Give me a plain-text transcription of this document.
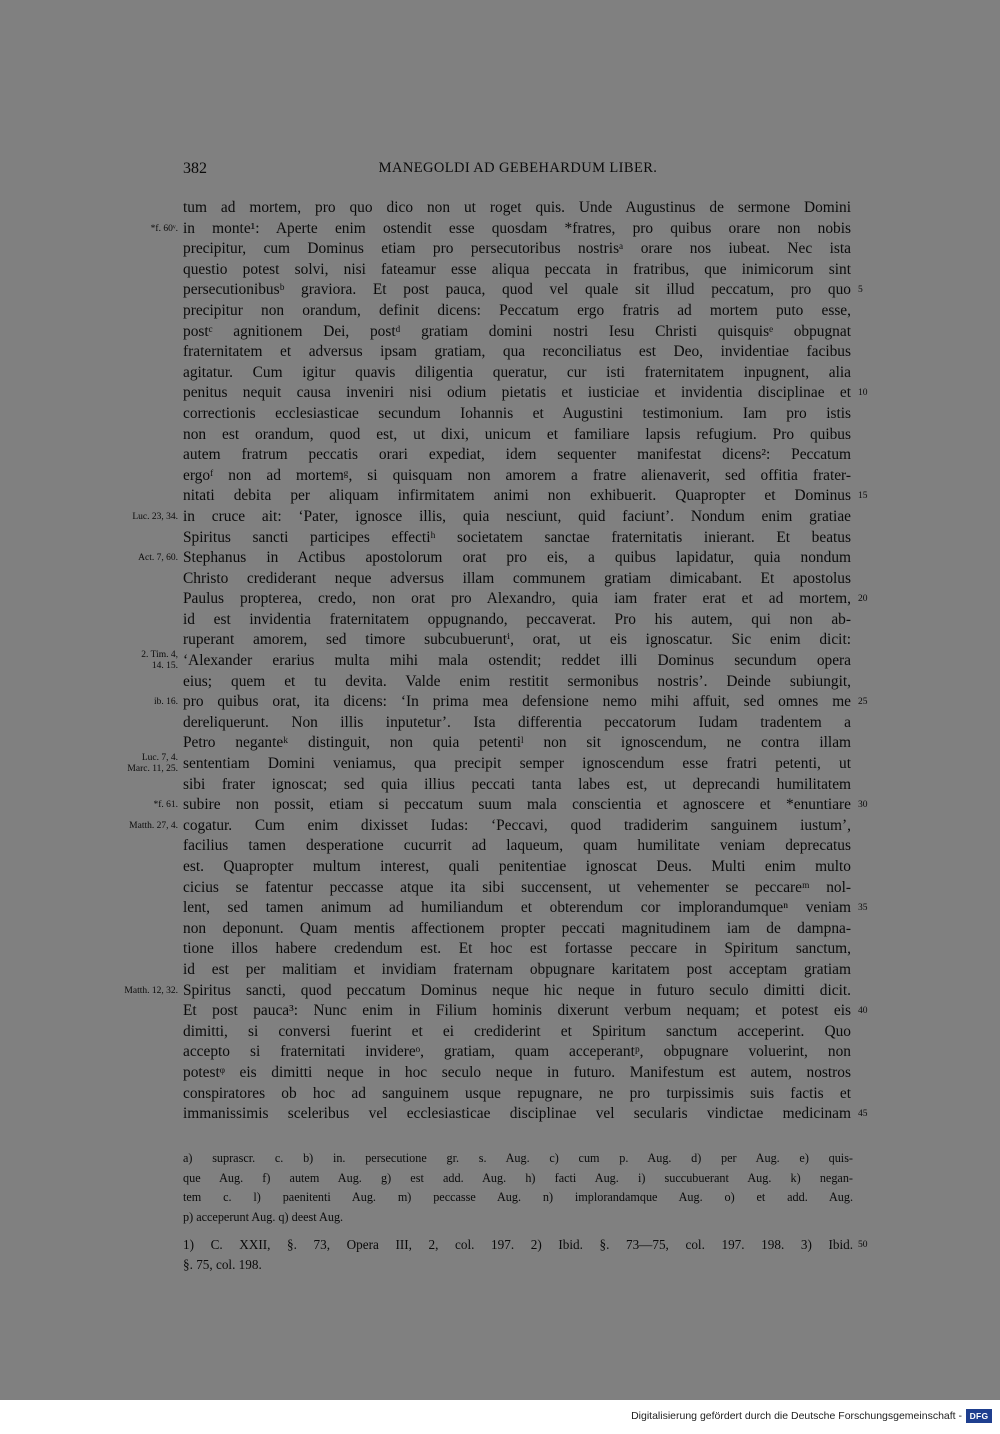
382	MANEGOLDI AD GEBEHARDUM LIBER.
tum ad mortem, pro quo dico non ut roget quis. Unde Augustinus de sermone Domini
*f. 60ᵛ. in monte¹: Aperte enim ostendit esse quosdam *fratres, pro quibus orare non nobis
precipitur, cum Dominus etiam pro persecutoribus nostrisᵃ orare nos iubeat. Nec ista
questio potest solvi, nisi fateamur esse aliqua peccata in fratribus, que inimicorum sint
persecutionibusᵇ graviora. Et post pauca, quod vel quale sit illud peccatum, pro quo 5
precipitur non orandum, definit dicens: Peccatum ergo fratris ad mortem puto esse,
postᶜ agnitionem Dei, postᵈ gratiam domini nostri Iesu Christi quisquisᵉ obpugnat
fraternitatem et adversus ipsam gratiam, qua reconciliatus est Deo, invidentiae facibus
agitatur. Cum igitur quavis diligentia queratur, cur isti fraternitatem inpugnent, alia
penitus nequit causa inveniri nisi odium pietatis et iusticiae et invidentia disciplinae et 10
correctionis ecclesiasticae secundum Iohannis et Augustini testimonium. Iam pro istis
non est orandum, quod est, ut dixi, unicum et familiare lapsis refugium. Pro quibus
autem fratrum peccatis orari expediat, idem sequenter manifestat dicens²: Peccatum
ergoᶠ non ad mortemᵍ, si quisquam non amorem a fratre alienaverit, sed offitia frater-
nitati debita per aliquam infirmitatem animi non exhibuerit. Quapropter et Dominus 15
Luc. 23, 34. in cruce ait: ‘Pater, ignosce illis, quia nesciunt, quid faciunt’. Nondum enim gratiae
Spiritus sancti participes effectiʰ societatem sanctae fraternitatis inierant. Et beatus
Act. 7, 60. Stephanus in Actibus apostolorum orat pro eis, a quibus lapidatur, quia nondum
Christo crediderant neque adversus illam communem gratiam dimicabant. Et apostolus
Paulus propterea, credo, non orat pro Alexandro, quia iam frater erat et ad mortem, 20
id est invidentia fraternitatem oppugnando, peccaverat. Pro his autem, qui non ab-
ruperant amorem, sed timore subcubueruntⁱ, orat, ut eis ignoscatur. Sic enim dicit:
2. Tim. 4,
14. 15. ‘Alexander erarius multa mihi mala ostendit; reddet illi Dominus secundum opera
eius; quem et tu devita. Valde enim restitit sermonibus nostris’. Deinde subiungit,
ib. 16. pro quibus orat, ita dicens: ‘In prima mea defensione nemo mihi affuit, sed omnes me 25
dereliquerunt. Non illis inputetur’. Ista differentia peccatorum Iudam tradentem a
Petro neganteᵏ distinguit, non quia petentiˡ non sit ignoscendum, ne contra illam
Luc. 7, 4.
Marc. 11, 25. sententiam Domini veniamus, qua precipit semper ignoscendum esse fratri petenti, ut
sibi frater ignoscat; sed quia illius peccati tanta labes est, ut deprecandi humilitatem
*f. 61. subire non possit, etiam si peccatum suum mala conscientia et agnoscere et *enuntiare 30
Matth. 27, 4. cogatur. Cum enim dixisset Iudas: ‘Peccavi, quod tradiderim sanguinem iustum’,
facilius tamen desperatione cucurrit ad laqueum, quam humilitate veniam deprecatus
est. Quapropter multum interest, quali penitentiae ignoscat Deus. Multi enim multo
cicius se fatentur peccasse atque ita sibi succensent, ut vehementer se peccareᵐ nol-
lent, sed tamen animum ad humiliandum et obterendum cor implorandumqueⁿ veniam 35
non deponunt. Quam mentis affectionem propter peccati magnitudinem iam de dampna-
tione illos habere credendum est. Et hoc est fortasse peccare in Spiritum sanctum,
id est per malitiam et invidiam fraternam obpugnare karitatem post acceptam gratiam
Matth. 12, 32. Spiritus sancti, quod peccatum Dominus neque hic neque in futuro seculo dimitti dicit.
Et post pauca³: Nunc enim in Filium hominis dixerunt verbum nequam; et potest eis 40
dimitti, si conversi fuerint et ei crediderint et Spiritum sanctum acceperint. Quo
accepto si fraternitati invidereᵒ, gratiam, quam acceperantᵖ, obpugnare voluerint, non
potestᵠ eis dimitti neque in hoc seculo neque in futuro. Manifestum est autem, nostros
conspiratores ob hoc ad sanguinem usque repugnare, ne pro turpissimis suis factis et
immanissimis sceleribus vel ecclesiasticae disciplinae vel secularis vindictae medicinam 45
a) suprascr. c. b) in. persecutione gr. s. Aug. c) cum p. Aug. d) per Aug. e) quis-
que Aug. f) autem Aug. g) est add. Aug. h) facti Aug. i) succubuerant Aug. k) negan-
tem c. l) paenitenti Aug. m) peccasse Aug. n) implorandamque Aug. o) et add. Aug.
p) acceperunt Aug. q) deest Aug.
1) C. XXII, §. 73, Opera III, 2, col. 197. 2) Ibid. §. 73—75, col. 197. 198. 3) Ibid.
§. 75, col. 198.
50
Digitalisierung gefördert durch die Deutsche Forschungsgemeinschaft - DFG
